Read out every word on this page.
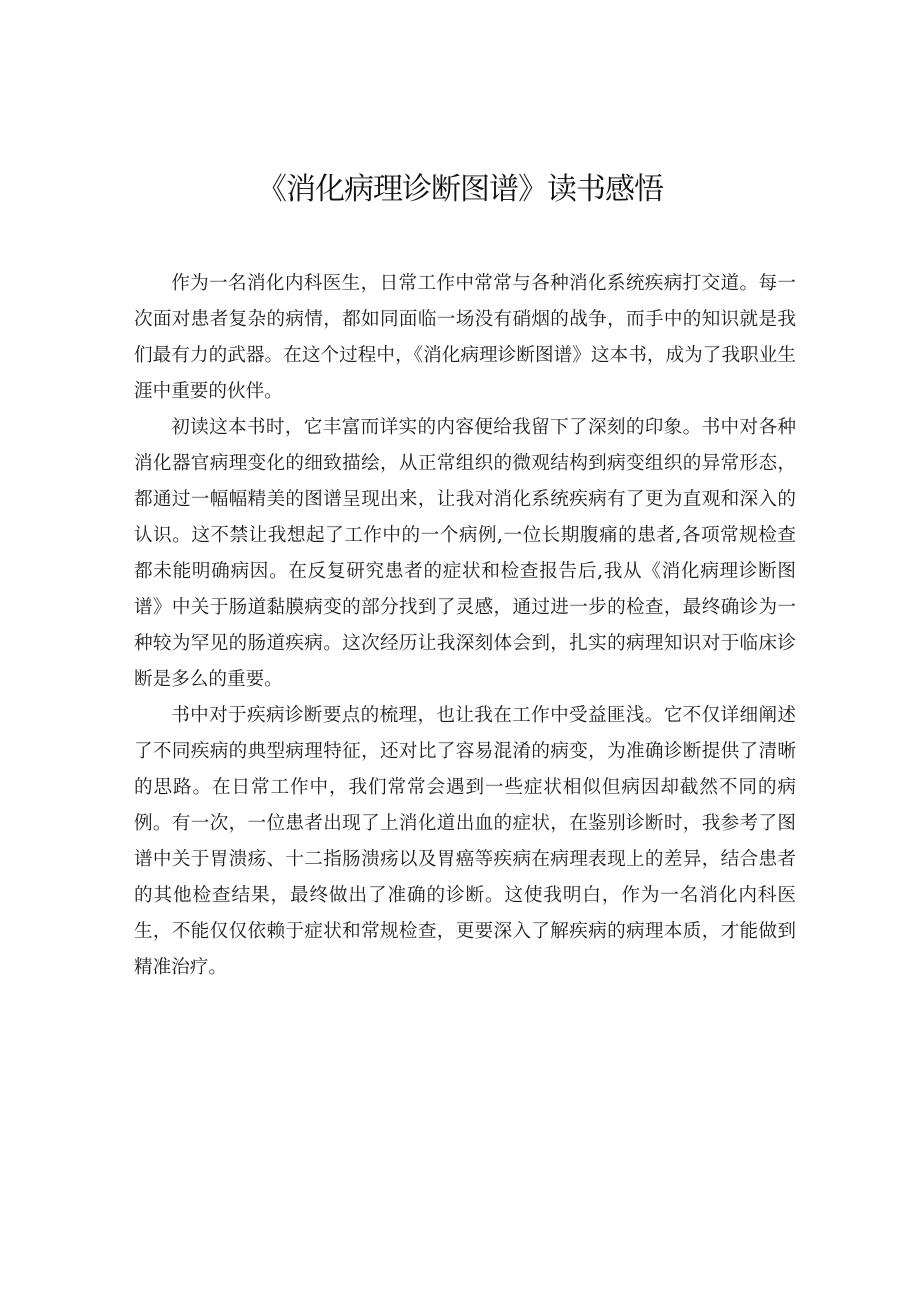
《消化病理诊断图谱》读书感悟

作为一名消化内科医生，日常工作中常常与各种消化系统疾病打交道。每一次面对患者复杂的病情，都如同面临一场没有硝烟的战争，而手中的知识就是我们最有力的武器。在这个过程中，《消化病理诊断图谱》这本书，成为了我职业生涯中重要的伙伴。

初读这本书时，它丰富而详实的内容便给我留下了深刻的印象。书中对各种消化器官病理变化的细致描绘，从正常组织的微观结构到病变组织的异常形态，都通过一幅幅精美的图谱呈现出来，让我对消化系统疾病有了更为直观和深入的认识。这不禁让我想起了工作中的一个病例,一位长期腹痛的患者,各项常规检查都未能明确病因。在反复研究患者的症状和检查报告后,我从《消化病理诊断图谱》中关于肠道黏膜病变的部分找到了灵感，通过进一步的检查，最终确诊为一种较为罕见的肠道疾病。这次经历让我深刻体会到，扎实的病理知识对于临床诊断是多么的重要。

书中对于疾病诊断要点的梳理，也让我在工作中受益匪浅。它不仅详细阐述了不同疾病的典型病理特征，还对比了容易混淆的病变，为准确诊断提供了清晰的思路。在日常工作中，我们常常会遇到一些症状相似但病因却截然不同的病例。有一次，一位患者出现了上消化道出血的症状，在鉴别诊断时，我参考了图谱中关于胃溃疡、十二指肠溃疡以及胃癌等疾病在病理表现上的差异，结合患者的其他检查结果，最终做出了准确的诊断。这使我明白，作为一名消化内科医生，不能仅仅依赖于症状和常规检查，更要深入了解疾病的病理本质，才能做到精准治疗。
